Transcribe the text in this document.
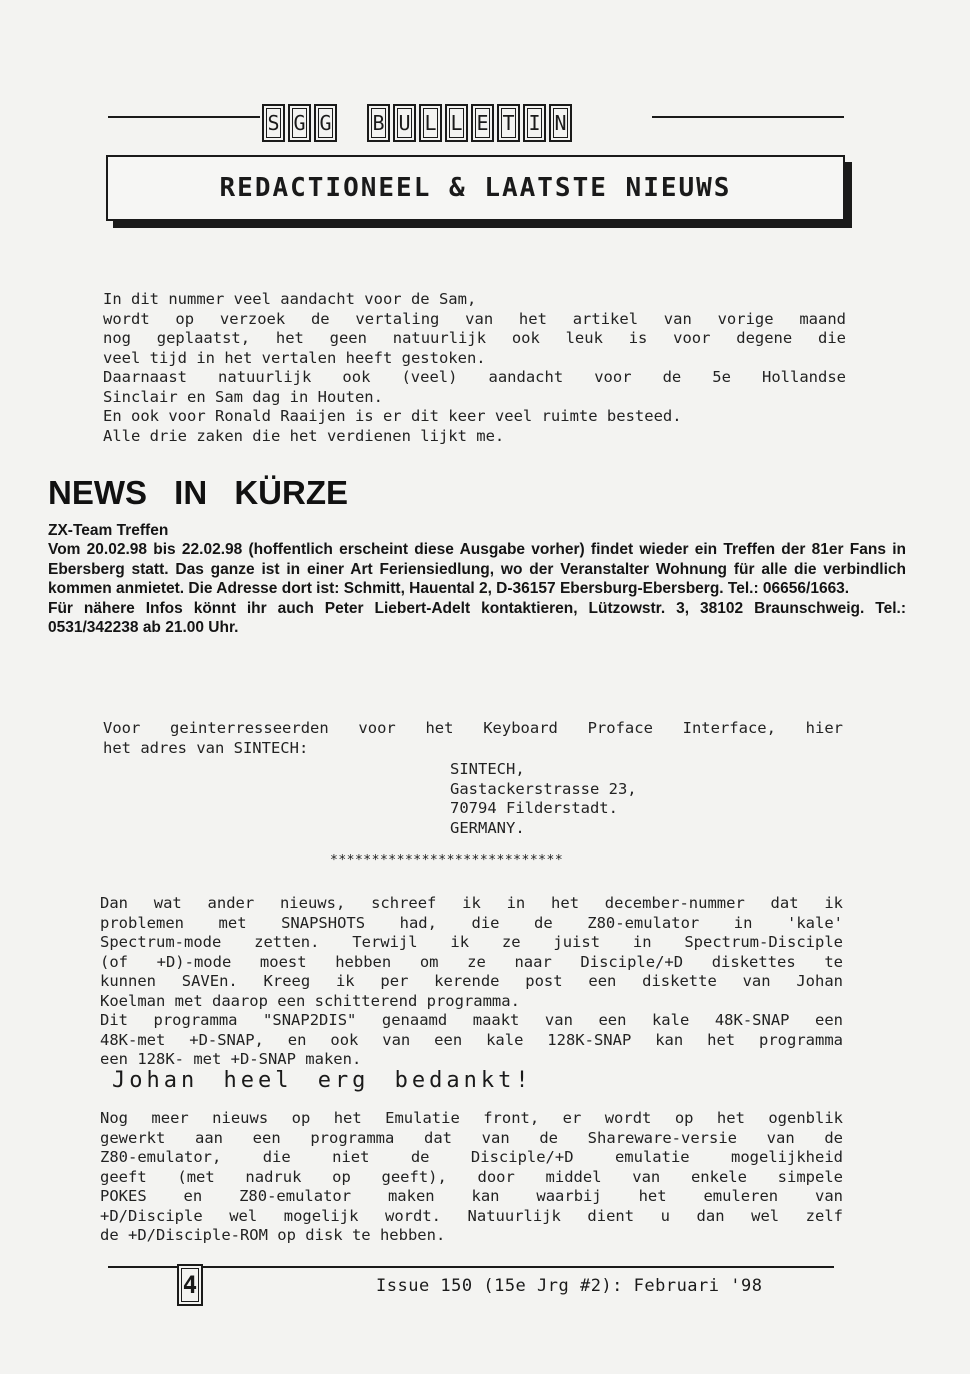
S G G B U L L E T I N
REDACTIONEEL & LAATSTE NIEUWS

In dit nummer veel aandacht voor de Sam,

wordt op verzoek de vertaling van het artikel van vorige maand

nog geplaatst, het geen natuurlijk ook leuk is voor degene die

veel tijd in het vertalen heeft gestoken.

Daarnaast natuurlijk ook (veel) aandacht voor de 5e Hollandse

Sinclair en Sam dag in Houten.

En ook voor Ronald Raaijen is er dit keer veel ruimte besteed.

Alle drie zaken die het verdienen lijkt me.

NEWS IN KÜRZE

ZX-Team Treffen

Vom 20.02.98 bis 22.02.98 (hoffentlich erscheint diese Ausgabe vorher) findet wieder ein Treffen der 81er Fans in Ebersberg statt. Das ganze ist in einer Art Feriensiedlung, wo der Veranstalter Wohnung für alle die verbindlich kommen anmietet. Die Adresse dort ist: Schmitt, Hauental 2, D-36157 Ebersburg-Ebersberg. Tel.: 06656/1663.

Für nähere Infos könnt ihr auch Peter Liebert-Adelt kontaktieren, Lützowstr. 3, 38102 Braunschweig. Tel.: 0531/342238 ab 21.00 Uhr.

Voor geinterresseerden voor het Keyboard Proface Interface, hier

het adres van SINTECH:

SINTECH,

Gastackerstrasse 23,

70794 Filderstadt.

GERMANY.

****************************

Dan wat ander nieuws, schreef ik in het december-nummer dat ik

problemen met SNAPSHOTS had, die de Z80-emulator in 'kale'

Spectrum-mode zetten. Terwijl ik ze juist in Spectrum-Disciple

(of +D)-mode moest hebben om ze naar Disciple/+D diskettes te

kunnen SAVEn. Kreeg ik per kerende post een diskette van Johan

Koelman met daarop een schitterend programma.

Dit programma "SNAP2DIS" genaamd maakt van een kale 48K-SNAP een

48K-met +D-SNAP, en ook van een kale 128K-SNAP kan het programma

een 128K- met +D-SNAP maken.

Johan heel erg bedankt!

Nog meer nieuws op het Emulatie front, er wordt op het ogenblik

gewerkt aan een programma dat van de Shareware-versie van de

Z80-emulator, die niet de Disciple/+D emulatie mogelijkheid

geeft (met nadruk op geeft), door middel van enkele simpele

POKES en Z80-emulator maken kan waarbij het emuleren van

+D/Disciple wel mogelijk wordt. Natuurlijk dient u dan wel zelf

de +D/Disciple-ROM op disk te hebben.

4	Issue 150 (15e Jrg #2): Februari '98
